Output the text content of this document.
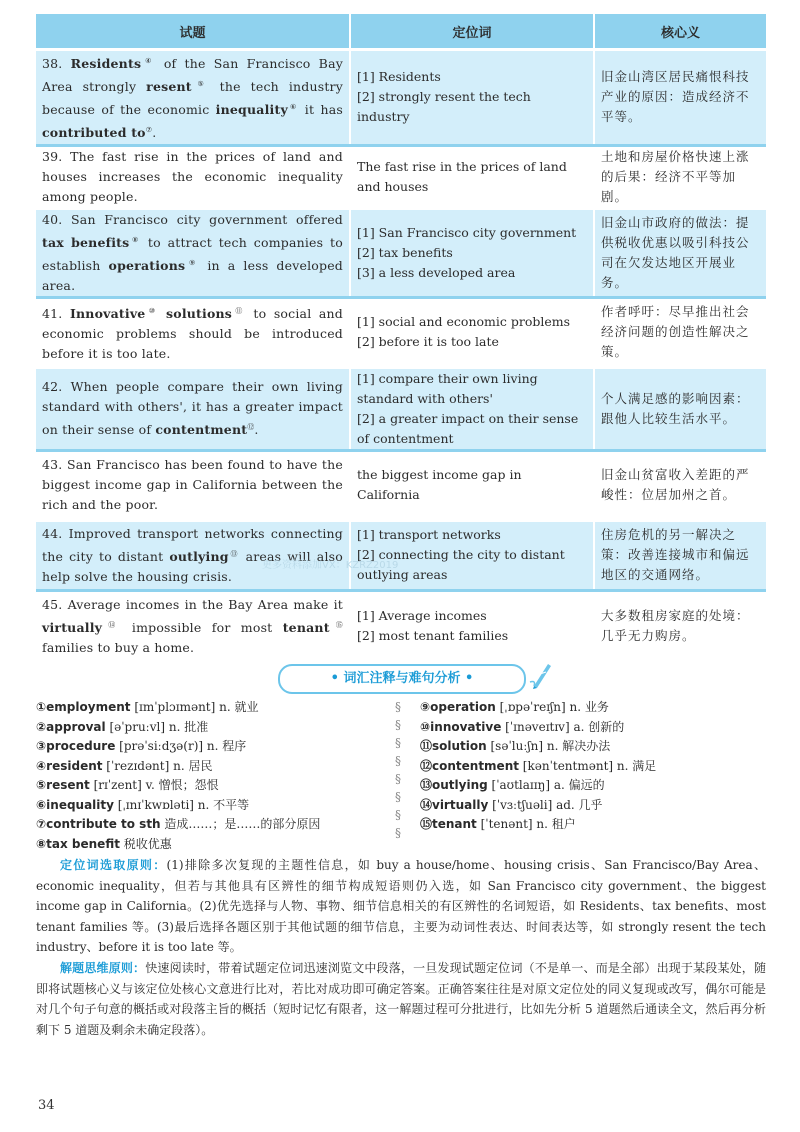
试题	定位词	核心义
38. Residents④ of the San Francisco Bay Area strongly resent⑤ the tech industry because of the economic inequality⑥ it has contributed to⑦.	[1] Residents
[2] strongly resent the tech industry	旧金山湾区居民痛恨科技产业的原因：造成经济不平等。
39. The fast rise in the prices of land and houses increases the economic inequality among people.	The fast rise in the prices of land and houses	土地和房屋价格快速上涨的后果：经济不平等加剧。
40. San Francisco city government offered tax benefits⑧ to attract tech companies to establish operations⑨ in a less developed area.	[1] San Francisco city government
[2] tax benefits
[3] a less developed area	旧金山市政府的做法：提供税收优惠以吸引科技公司在欠发达地区开展业务。
41. Innovative⑩ solutions⑪ to social and economic problems should be introduced before it is too late.	[1] social and economic problems
[2] before it is too late	作者呼吁：尽早推出社会经济问题的创造性解决之策。
42. When people compare their own living standard with others', it has a greater impact on their sense of contentment⑫.	[1] compare their own living standard with others'
[2] a greater impact on their sense of contentment	个人满足感的影响因素：跟他人比较生活水平。
43. San Francisco has been found to have the biggest income gap in California between the rich and the poor.	the biggest income gap in California	旧金山贫富收入差距的严峻性：位居加州之首。
44. Improved transport networks connecting the city to distant outlying⑬ areas will also help solve the housing crisis.	[1] transport networks
[2] connecting the city to distant outlying areas	住房危机的另一解决之策：改善连接城市和偏远地区的交通网络。
45. Average incomes in the Bay Area make it virtually⑭ impossible for most tenant⑮ families to buy a home.	[1] Average incomes
[2] most tenant families	大多数租房家庭的处境：几乎无力购房。
更多资料添加VX：KZRZ2019
• 词汇注释与难句分析 •
①employment [ɪmˈplɔɪmənt] n. 就业
②approval [əˈpruːvl] n. 批准
③procedure [prəˈsiːdʒə(r)] n. 程序
④resident [ˈrezɪdənt] n. 居民
⑤resent [rɪˈzent] v. 憎恨；怨恨
⑥inequality [ˌɪnɪˈkwɒləti] n. 不平等
⑦contribute to sth 造成……；是……的部分原因
⑧tax benefit 税收优惠
§
§
§
§
§
§
§
§
⑨operation [ˌɒpəˈreɪʃn] n. 业务
⑩innovative [ˈɪnəveɪtɪv] a. 创新的
⑪solution [səˈluːʃn] n. 解决办法
⑫contentment [kənˈtentmənt] n. 满足
⑬outlying [ˈaʊtlaɪɪŋ] a. 偏远的
⑭virtually [ˈvɜːtʃuəli] ad. 几乎
⑮tenant [ˈtenənt] n. 租户
定位词选取原则：(1)排除多次复现的主题性信息，如 buy a house/home、housing crisis、San Francisco/Bay Area、economic inequality，但若与其他具有区辨性的细节构成短语则仍入选，如 San Francisco city government、the biggest income gap in California。(2)优先选择与人物、事物、细节信息相关的有区辨性的名词短语，如 Residents、tax benefits、most tenant families 等。(3)最后选择各题区别于其他试题的细节信息，主要为动词性表达、时间表达等，如 strongly resent the tech industry、before it is too late 等。
解题思维原则：快速阅读时，带着试题定位词迅速浏览文中段落，一旦发现试题定位词（不是单一、而是全部）出现于某段某处，随即将试题核心义与该定位处核心文意进行比对，若比对成功即可确定答案。正确答案往往是对原文定位处的同义复现或改写，偶尔可能是对几个句子句意的概括或对段落主旨的概括（短时记忆有限者，这一解题过程可分批进行，比如先分析 5 道题然后通读全文，然后再分析剩下 5 道题及剩余未确定段落）。
34
